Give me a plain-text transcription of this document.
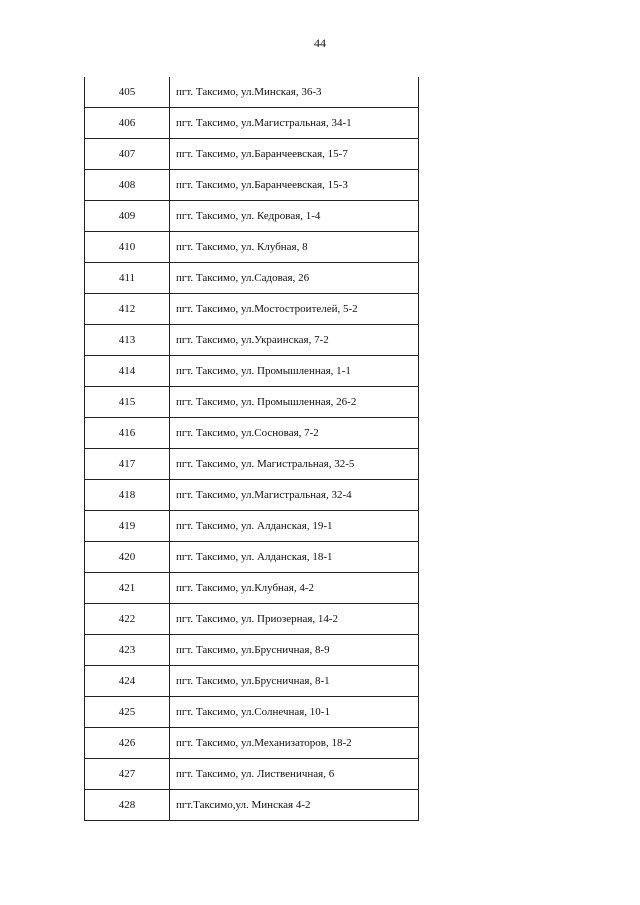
44
405	пгт. Таксимо, ул.Минская, 36-3
406	пгт. Таксимо, ул.Магистральная, 34-1
407	пгт. Таксимо, ул.Баранчеевская, 15-7
408	пгт. Таксимо, ул.Баранчеевская, 15-3
409	пгт. Таксимо, ул. Кедровая, 1-4
410	пгт. Таксимо, ул. Клубная, 8
411	пгт. Таксимо, ул.Садовая, 26
412	пгт. Таксимо, ул.Мостостроителей, 5-2
413	пгт. Таксимо, ул.Украинская, 7-2
414	пгт. Таксимо, ул. Промышленная, 1-1
415	пгт. Таксимо, ул. Промышленная, 26-2
416	пгт. Таксимо, ул.Сосновая, 7-2
417	пгт. Таксимо, ул. Магистральная, 32-5
418	пгт. Таксимо, ул.Магистральная, 32-4
419	пгт. Таксимо, ул. Алданская, 19-1
420	пгт. Таксимо, ул. Алданская, 18-1
421	пгт. Таксимо, ул.Клубная, 4-2
422	пгт. Таксимо, ул. Приозерная, 14-2
423	пгт. Таксимо, ул.Брусничная, 8-9
424	пгт. Таксимо, ул.Брусничная, 8-1
425	пгт. Таксимо, ул.Солнечная, 10-1
426	пгт. Таксимо, ул.Механизаторов, 18-2
427	пгт. Таксимо, ул. Лиственичная, 6
428	пгт.Таксимо,ул. Минская 4-2
